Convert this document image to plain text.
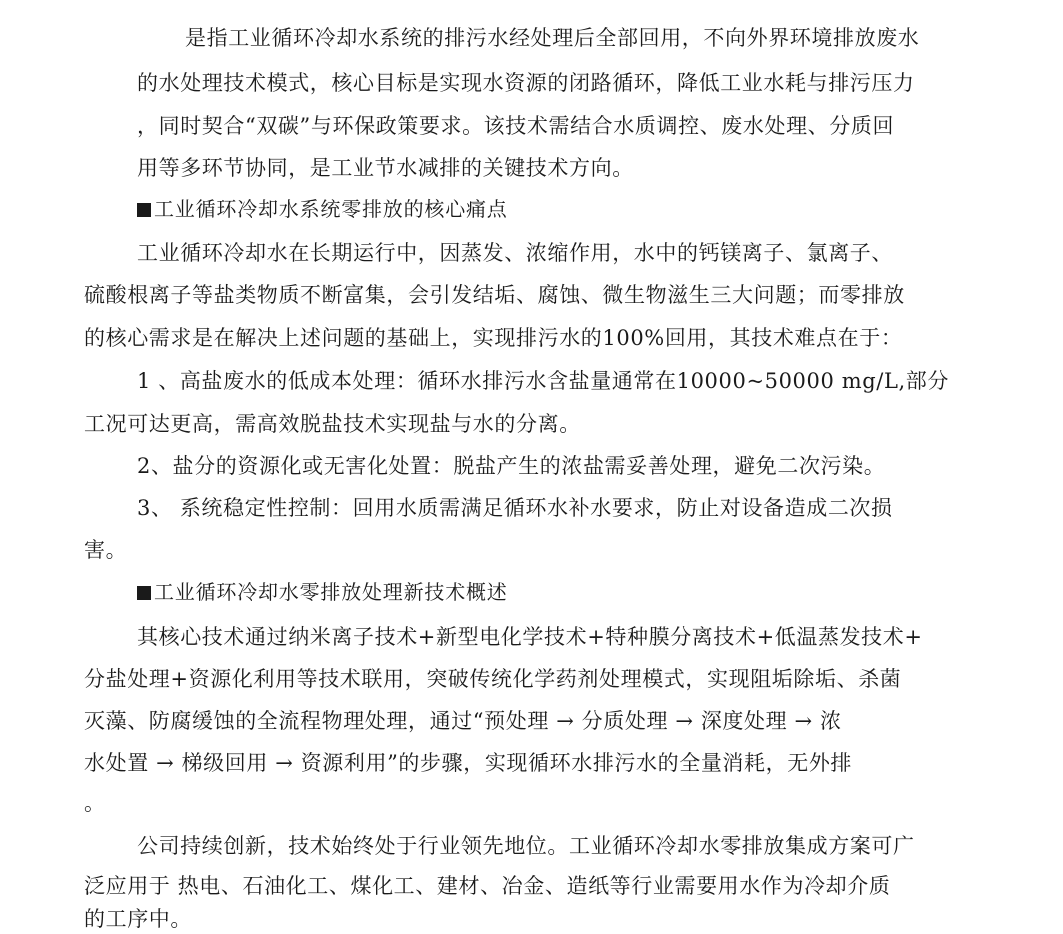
是指工业循环冷却水系统的排污水经处理后全部回用，不向外界环境排放废水
的水处理技术模式，核心目标是实现水资源的闭路循环，降低工业水耗与排污压力
，同时契合“双碳”与环保政策要求。该技术需结合水质调控、废水处理、分质回
用等多环节协同，是工业节水减排的关键技术方向。
工业循环冷却水系统零排放的核心痛点
工业循环冷却水在长期运行中，因蒸发、浓缩作用，水中的钙镁离子、氯离子、
硫酸根离子等盐类物质不断富集，会引发结垢、腐蚀、微生物滋生三大问题；而零排放
的核心需求是在解决上述问题的基础上，实现排污水的100%回用，其技术难点在于：
1 、高盐废水的低成本处理：循环水排污水含盐量通常在10000~50000 mg/L,部分
工况可达更高，需高效脱盐技术实现盐与水的分离。
2、盐分的资源化或无害化处置：脱盐产生的浓盐需妥善处理，避免二次污染。
3、 系统稳定性控制：回用水质需满足循环水补水要求，防止对设备造成二次损
害。
工业循环冷却水零排放处理新技术概述
其核心技术通过纳米离子技术+新型电化学技术+特种膜分离技术+低温蒸发技术+
分盐处理+资源化利用等技术联用，突破传统化学药剂处理模式，实现阻垢除垢、杀菌
灭藻、防腐缓蚀的全流程物理处理，通过“预处理 → 分质处理 → 深度处理 → 浓
水处置 → 梯级回用 → 资源利用”的步骤，实现循环水排污水的全量消耗，无外排
。
公司持续创新，技术始终处于行业领先地位。工业循环冷却水零排放集成方案可广
泛应用于 热电、石油化工、煤化工、建材、冶金、造纸等行业需要用水作为冷却介质
的工序中。
